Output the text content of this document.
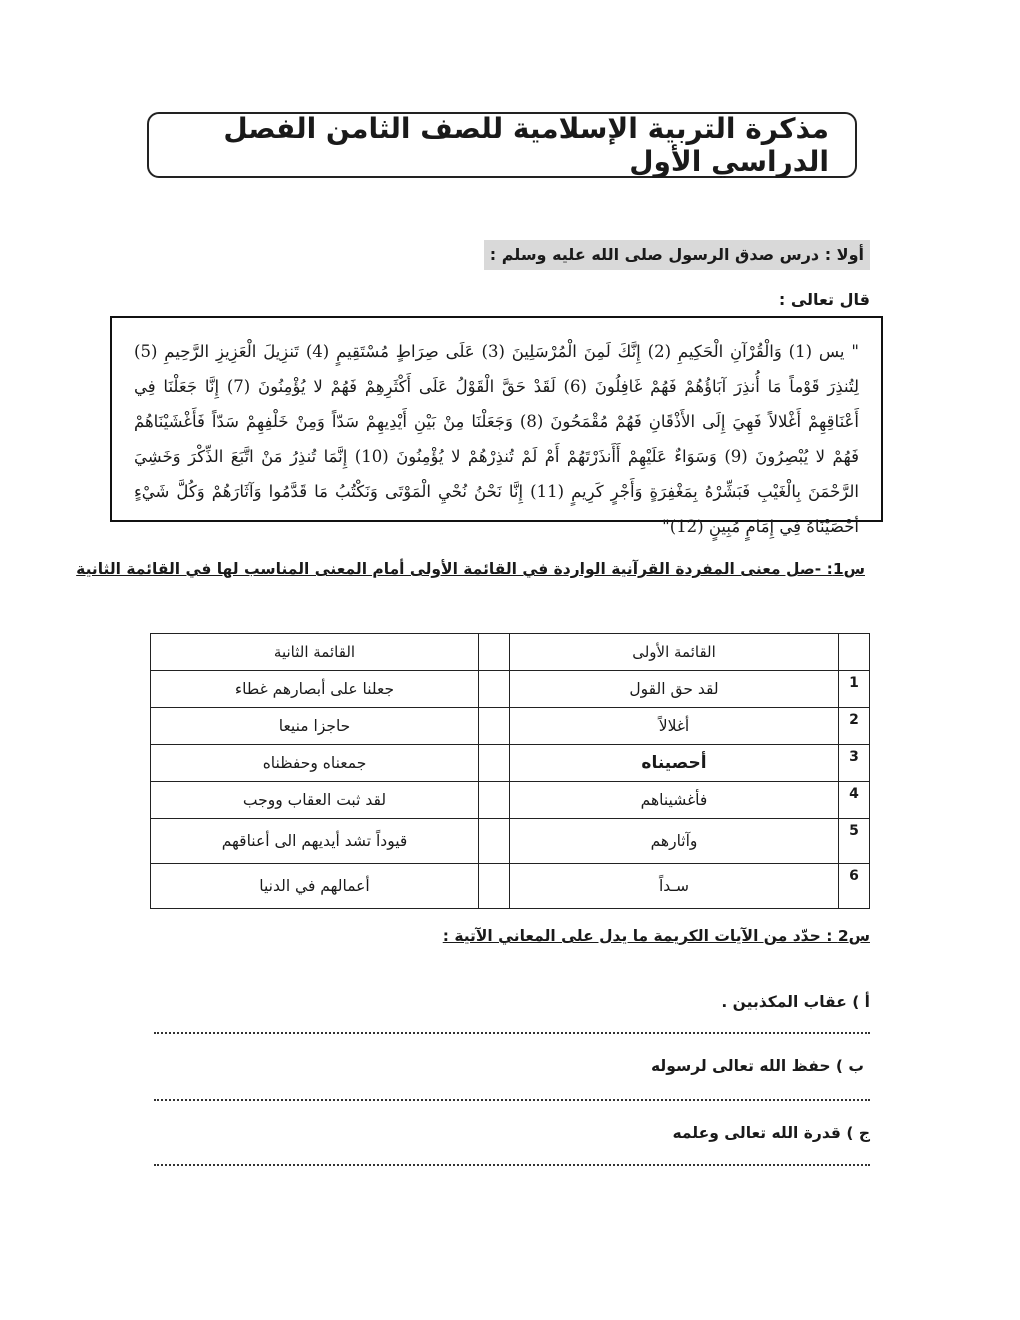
مذكرة التربية الإسلامية للصف الثامن الفصل الدراسي الأول
أولا : درس صدق الرسول صلى الله عليه وسلم :
قال تعالى :
" يس (1) وَالْقُرْآنِ الْحَكِيمِ (2) إِنَّكَ لَمِنَ الْمُرْسَلِينَ (3) عَلَى صِرَاطٍ مُسْتَقِيمٍ (4) تَنزِيلَ الْعَزِيزِ الرَّحِيمِ (5) لِتُنذِرَ قَوْماً مَا أُنذِرَ آبَاؤُهُمْ فَهُمْ غَافِلُونَ (6) لَقَدْ حَقَّ الْقَوْلُ عَلَى أَكْثَرِهِمْ فَهُمْ لا يُؤْمِنُونَ (7) إِنَّا جَعَلْنَا فِي أَعْنَاقِهِمْ أَغْلالاً فَهِيَ إِلَى الأَذْقَانِ فَهُمْ مُقْمَحُونَ (8) وَجَعَلْنَا مِنْ بَيْنِ أَيْدِيهِمْ سَدّاً وَمِنْ خَلْفِهِمْ سَدّاً فَأَغْشَيْنَاهُمْ فَهُمْ لا يُبْصِرُونَ (9) وَسَوَاءٌ عَلَيْهِمْ أَأَنذَرْتَهُمْ أَمْ لَمْ تُنذِرْهُمْ لا يُؤْمِنُونَ (10) إِنَّمَا تُنذِرُ مَنْ اتَّبَعَ الذِّكْرَ وَخَشِيَ الرَّحْمَنَ بِالْغَيْبِ فَبَشِّرْهُ بِمَغْفِرَةٍ وَأَجْرٍ كَرِيمٍ (11) إِنَّا نَحْنُ نُحْيِ الْمَوْتَى وَنَكْتُبُ مَا قَدَّمُوا وَآثَارَهُمْ وَكُلَّ شَيْءٍ أحْصَيْنَاهُ فِي إِمَامٍ مُبِينٍ (12)"
س1: -صل معنى المفردة القرآنية الواردة في القائمة الأولى أمام المعنى المناسب لها في القائمة الثانية
	القائمة الأولى		القائمة الثانية
1	لقد حق القول		جعلنا على أبصارهم غطاء
2	أغلالاً		حاجزا منيعا
3	أحصيناه		جمعناه وحفظناه
4	فأغشيناهم		لقد ثبت العقاب ووجب
5	وآثارهم		قيوداً تشد أيديهم الى أعناقهم
6	سـداً		أعمالهم في الدنيا
س2 : حدّد من الآيات الكريمة ما يدل على المعاني الآتية :
أ ) عقاب المكذبين .
ب ) حفظ الله تعالى لرسوله
ج ) قدرة الله تعالى وعلمه
